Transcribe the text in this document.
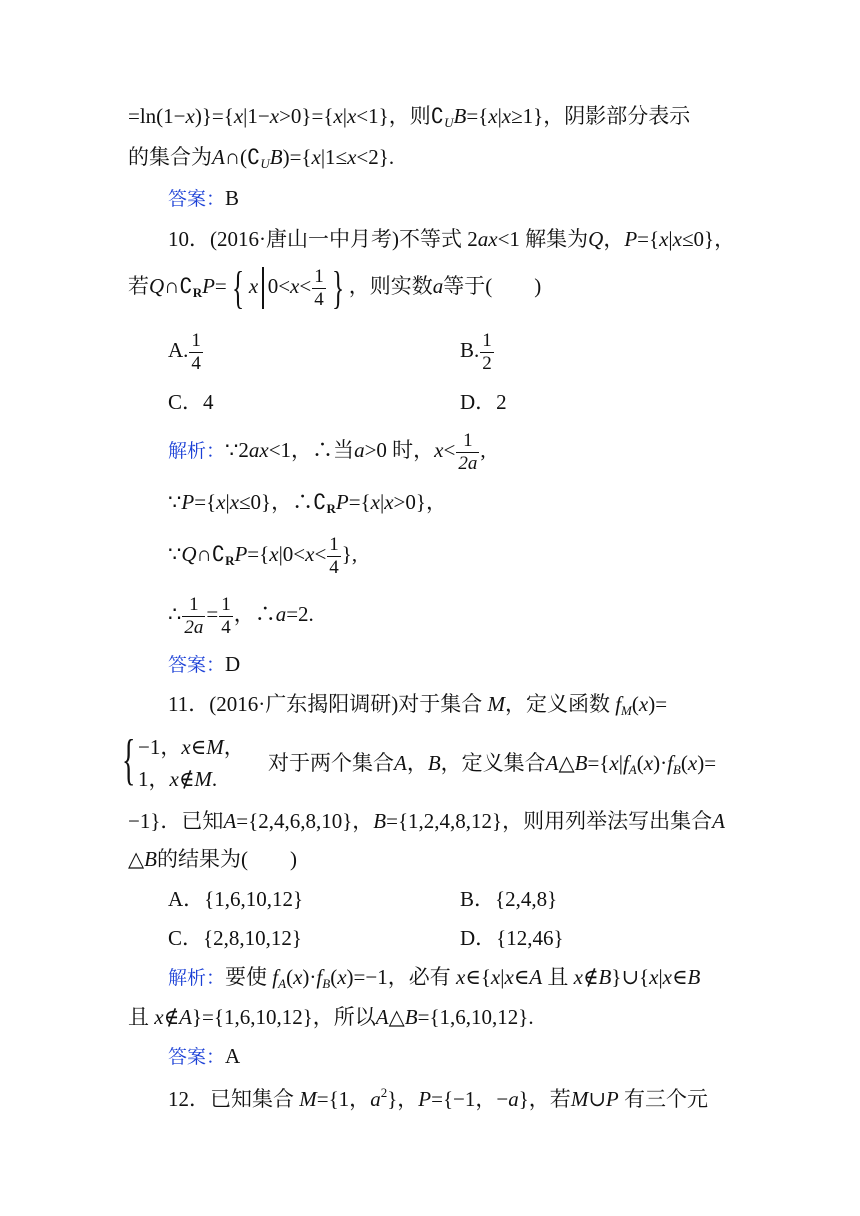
=ln(1−x)}={x|1−x>0}={x|x<1}，则$∁_UB=\{x|x\ge 1\}$，阴影部分表示
的集合为$A\cap(∁_UB)=\{x|1\le x<2\}$.
答案：B
10．(2016·唐山一中月考)不等式 2ax<1 解集为Q，P={x|x≤0}，
若Q∩∁RP= { x $0<x< \frac{1}{4}$ } ，则实数a等于(　　)
A. $\frac{1}{4}$	B. $\frac{1}{2}$
C．4	D．2
解析：∵2ax<1，∴当a>0 时，$x< \frac{1}{2a}$ ,
∵P={x|x≤0}，∴∁RP={x|x>0}，
∵Q∩∁RP={x|0<x< $\frac{1}{4}$ },
∴ $\frac{1}{2a} = \frac{1}{4}$ ，∴a=2.
答案：D
11．(2016·广东揭阳调研)对于集合 M，定义函数 $f_M(x)=$
{ −1，x∈M，
1，x∉M.
对于两个集合A，B，定义集合$A\triangle B=\{x|f_A(x)\cdot f_B(x)=$
−1}．已知A={2,4,6,8,10}，B={1,2,4,8,12}，则用列举法写出集合A
△B的结果为(　　)
A．{1,6,10,12}	B．{2,4,8}
C．{2,8,10,12}	D．{12,46}
解析：要使 $f_A(x)\cdot f_B(x)=-1$，必有 x∈{x|x∈A 且 x∉B}∪{x|x∈B
且 x∉A}={1,6,10,12}，所以A△B={1,6,10,12}.
答案：A
12．已知集合 M={1，$a^2$}，P={−1，−a}，若M∪P 有三个元
